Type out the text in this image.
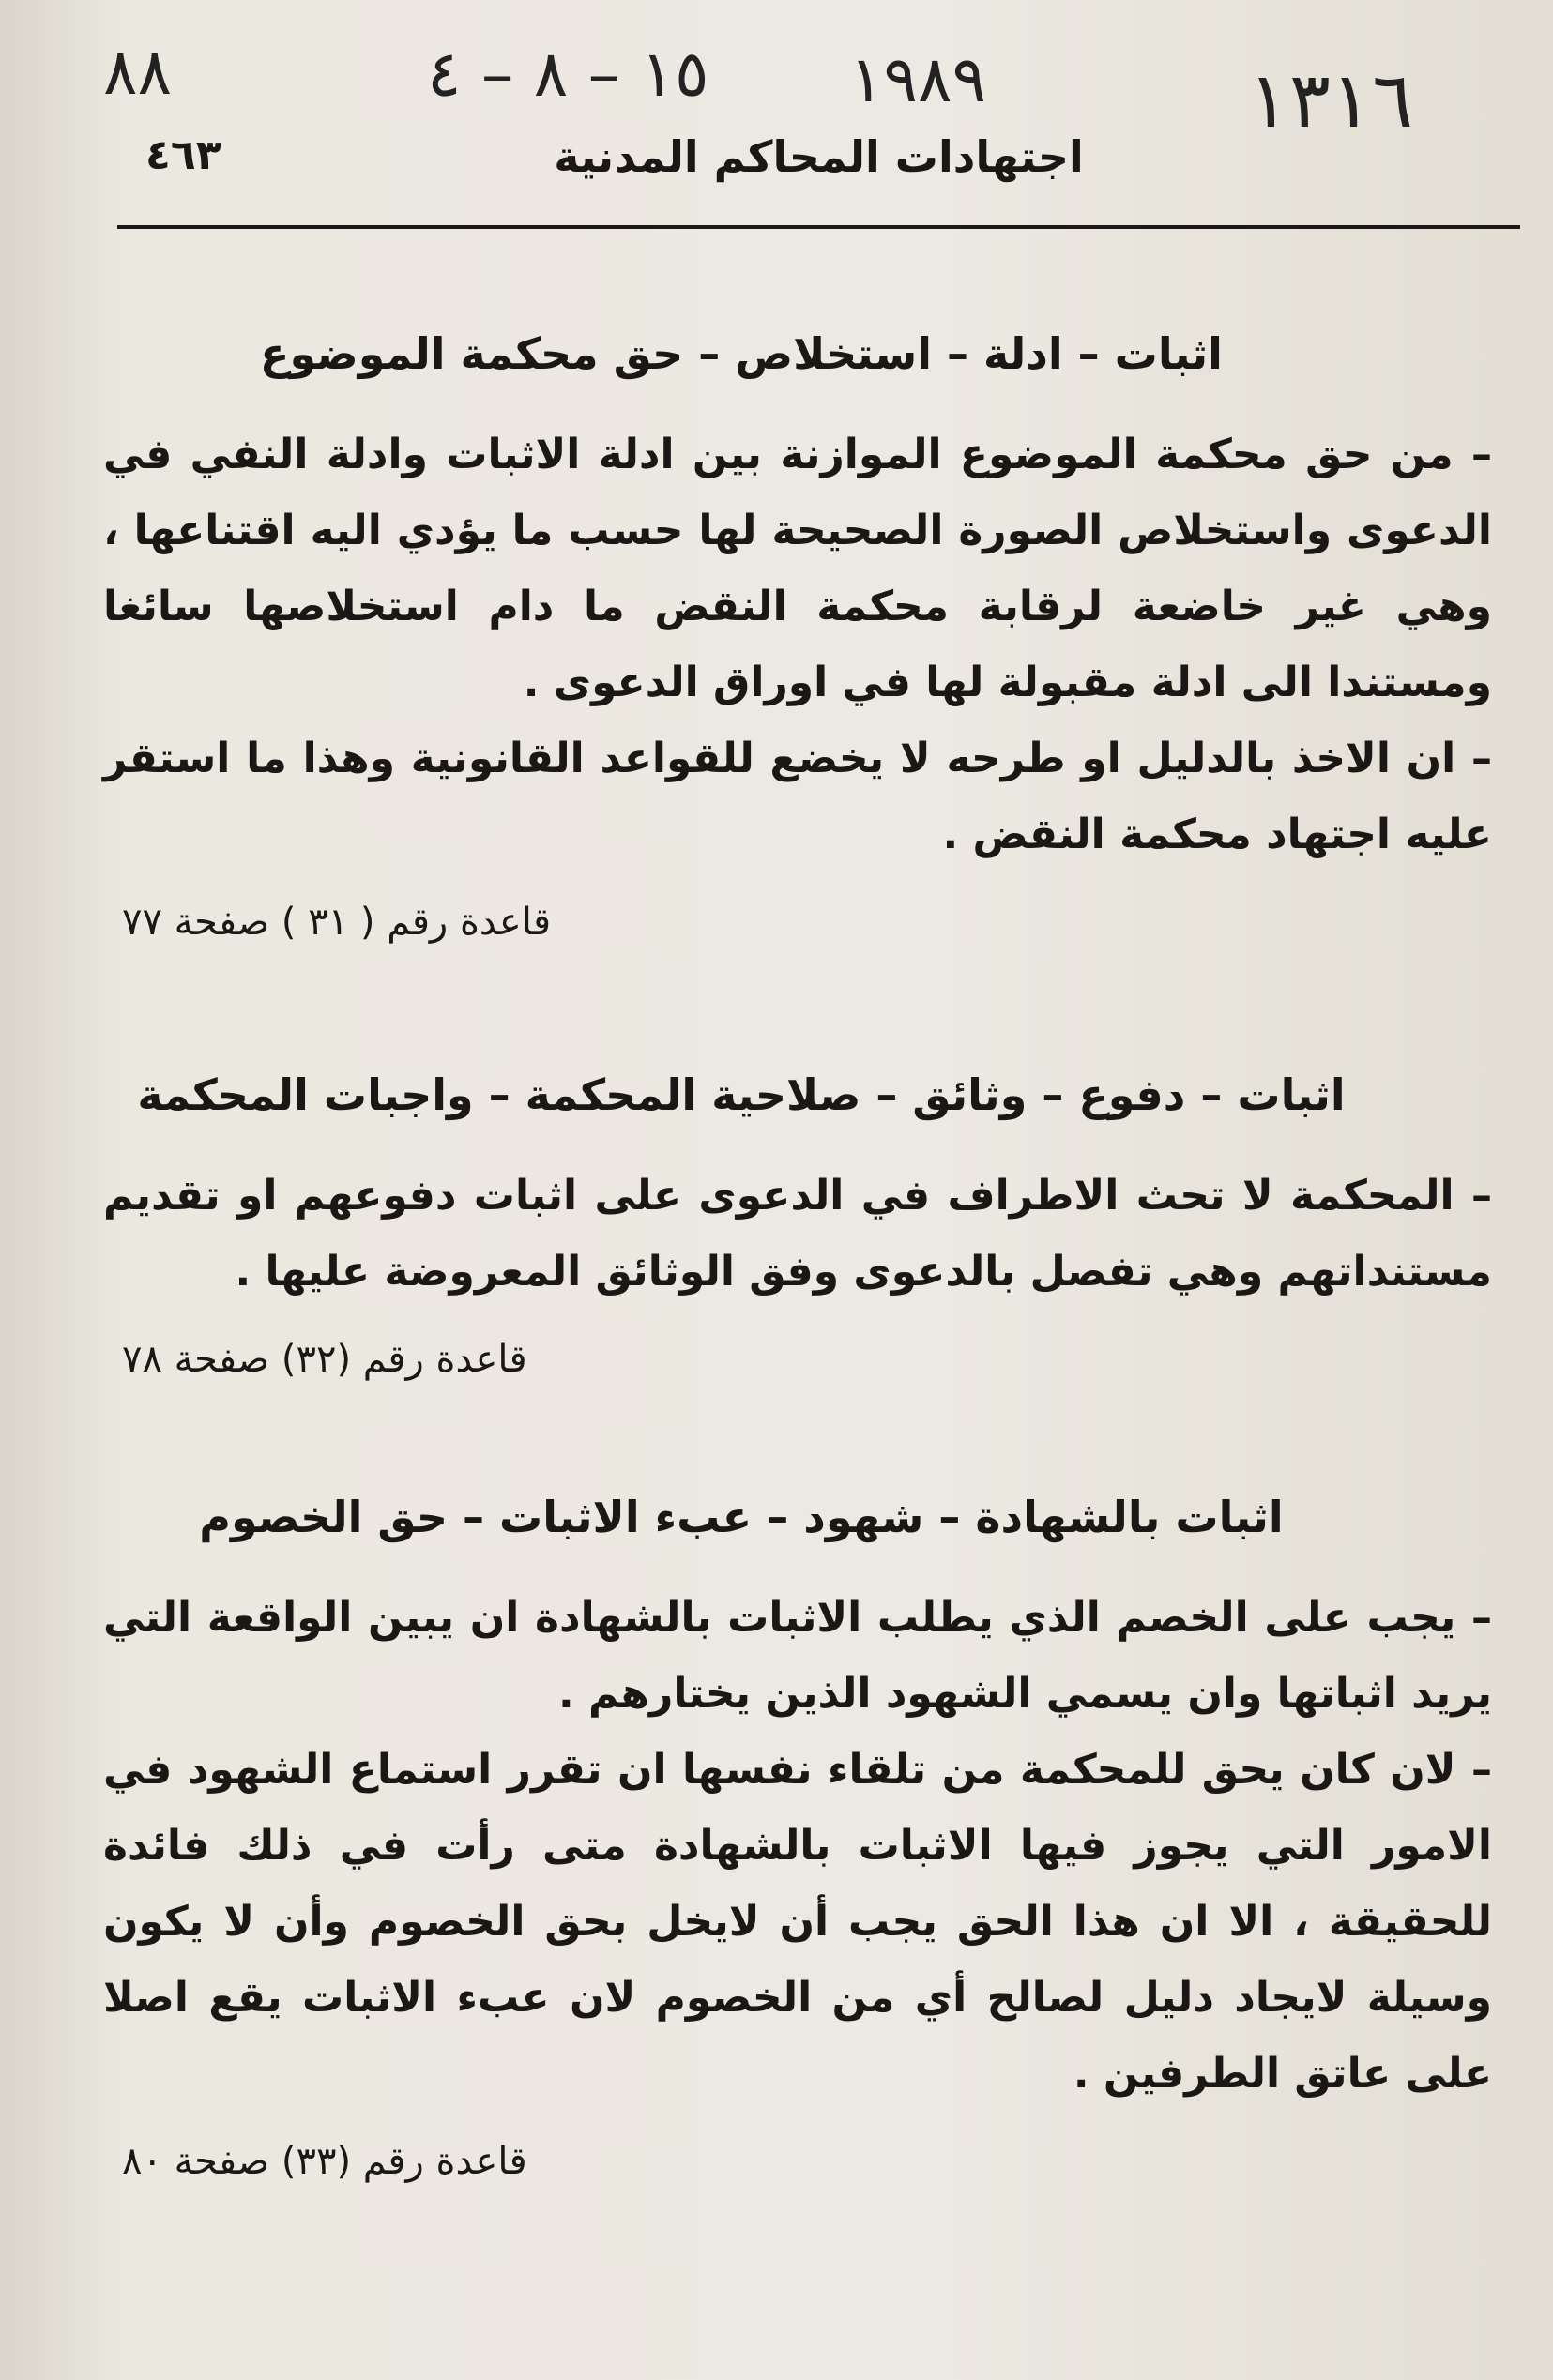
٨٨	١٥ – ٨ – ٤ ١٩٨٩	١٣١٦
٤٦٣	اجتهادات المحاكم المدنية
اثبات – ادلة – استخلاص – حق محكمة الموضوع

– من حق محكمة الموضوع الموازنة بين ادلة الاثبات وادلة النفي في الدعوى واستخلاص الصورة الصحيحة لها حسب ما يؤدي اليه اقتناعها ، وهي غير خاضعة لرقابة محكمة النقض ما دام استخلاصها سائغا ومستندا الى ادلة مقبولة لها في اوراق الدعوى .

– ان الاخذ بالدليل او طرحه لا يخضع للقواعد القانونية وهذا ما استقر عليه اجتهاد محكمة النقض .

قاعدة رقم ( ٣١ ) صفحة ٧٧
اثبات – دفوع – وثائق – صلاحية المحكمة – واجبات المحكمة

– المحكمة لا تحث الاطراف في الدعوى على اثبات دفوعهم او تقديم مستنداتهم وهي تفصل بالدعوى وفق الوثائق المعروضة عليها .

قاعدة رقم (٣٢) صفحة ٧٨
اثبات بالشهادة – شهود – عبء الاثبات – حق الخصوم

– يجب على الخصم الذي يطلب الاثبات بالشهادة ان يبين الواقعة التي يريد اثباتها وان يسمي الشهود الذين يختارهم .

– لان كان يحق للمحكمة من تلقاء نفسها ان تقرر استماع الشهود في الامور التي يجوز فيها الاثبات بالشهادة متى رأت في ذلك فائدة للحقيقة ، الا ان هذا الحق يجب أن لايخل بحق الخصوم وأن لا يكون وسيلة لايجاد دليل لصالح أي من الخصوم لان عبء الاثبات يقع اصلا على عاتق الطرفين .

قاعدة رقم (٣٣) صفحة ٨٠
